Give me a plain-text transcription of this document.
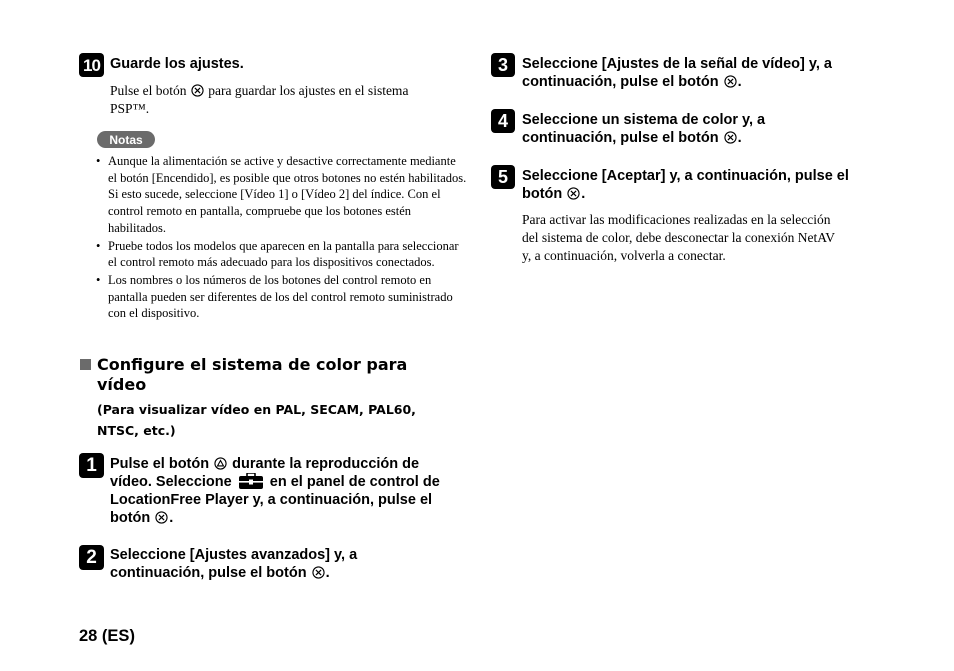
10 Guarde los ajustes.
Pulse el botón para guardar los ajustes en el sistema
PSP™.
Notas
• Aunque la alimentación se active y desactive correctamente mediante el botón [Encendido], es posible que otros botones no estén habilitados. Si esto sucede, seleccione [Vídeo 1] o [Vídeo 2] del índice. Con el control remoto en pantalla, compruebe que los botones estén habilitados.
• Pruebe todos los modelos que aparecen en la pantalla para seleccionar el control remoto más adecuado para los dispositivos conectados.
• Los nombres o los números de los botones del control remoto en pantalla pueden ser diferentes de los del control remoto suministrado con el dispositivo.
Configure el sistema de color para vídeo
(Para visualizar vídeo en PAL, SECAM, PAL60, NTSC, etc.)
1 Pulse el botón durante la reproducción de
vídeo. Seleccione	en el panel de control de
LocationFree Player y, a continuación, pulse el
botón .
2 Seleccione [Ajustes avanzados] y, a
continuación, pulse el botón .
3 Seleccione [Ajustes de la señal de vídeo] y, a
continuación, pulse el botón .
4 Seleccione un sistema de color y, a
continuación, pulse el botón .
5 Seleccione [Aceptar] y, a continuación, pulse el
botón .
Para activar las modificaciones realizadas en la selección
del sistema de color, debe desconectar la conexión NetAV
y, a continuación, volverla a conectar.
28 (ES)
